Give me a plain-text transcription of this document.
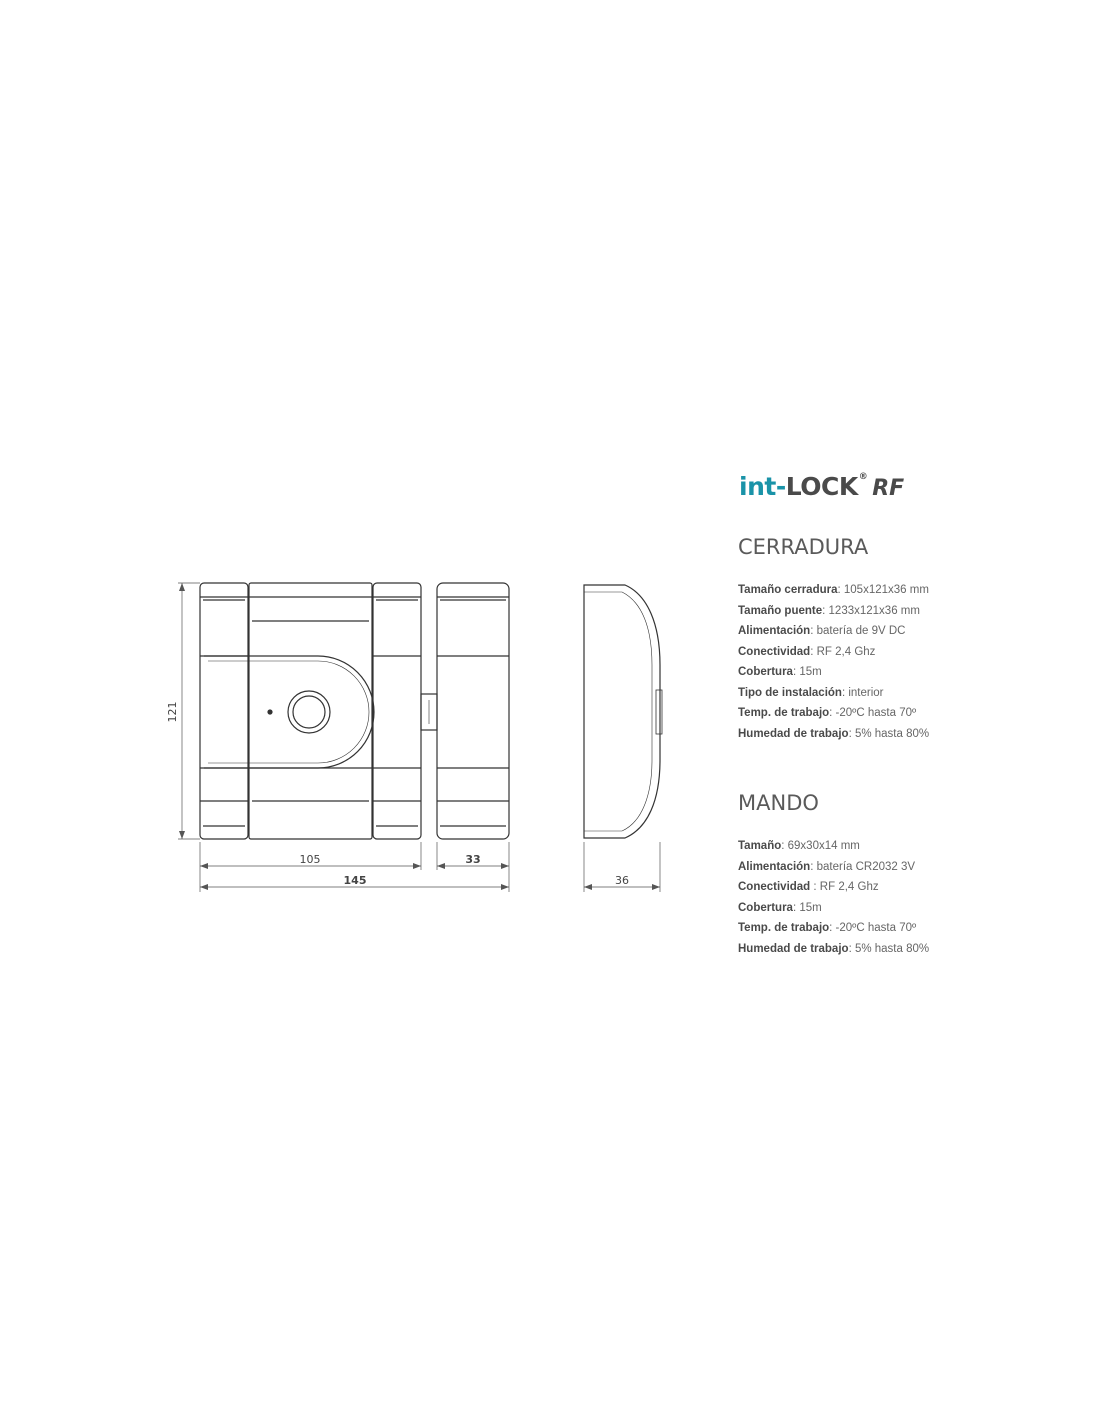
121
105	33
145	36
int-LOCK® RF
CERRADURA
Tamaño cerradura: 105x121x36 mm
Tamaño puente: 1233x121x36 mm
Alimentación: batería de 9V DC
Conectividad: RF 2,4 Ghz
Cobertura: 15m
Tipo de instalación: interior
Temp. de trabajo: -20ºC hasta 70º
Humedad de trabajo: 5% hasta 80%
MANDO
Tamaño: 69x30x14 mm
Alimentación: batería CR2032 3V
Conectividad : RF 2,4 Ghz
Cobertura: 15m
Temp. de trabajo: -20ºC hasta 70º
Humedad de trabajo: 5% hasta 80%
